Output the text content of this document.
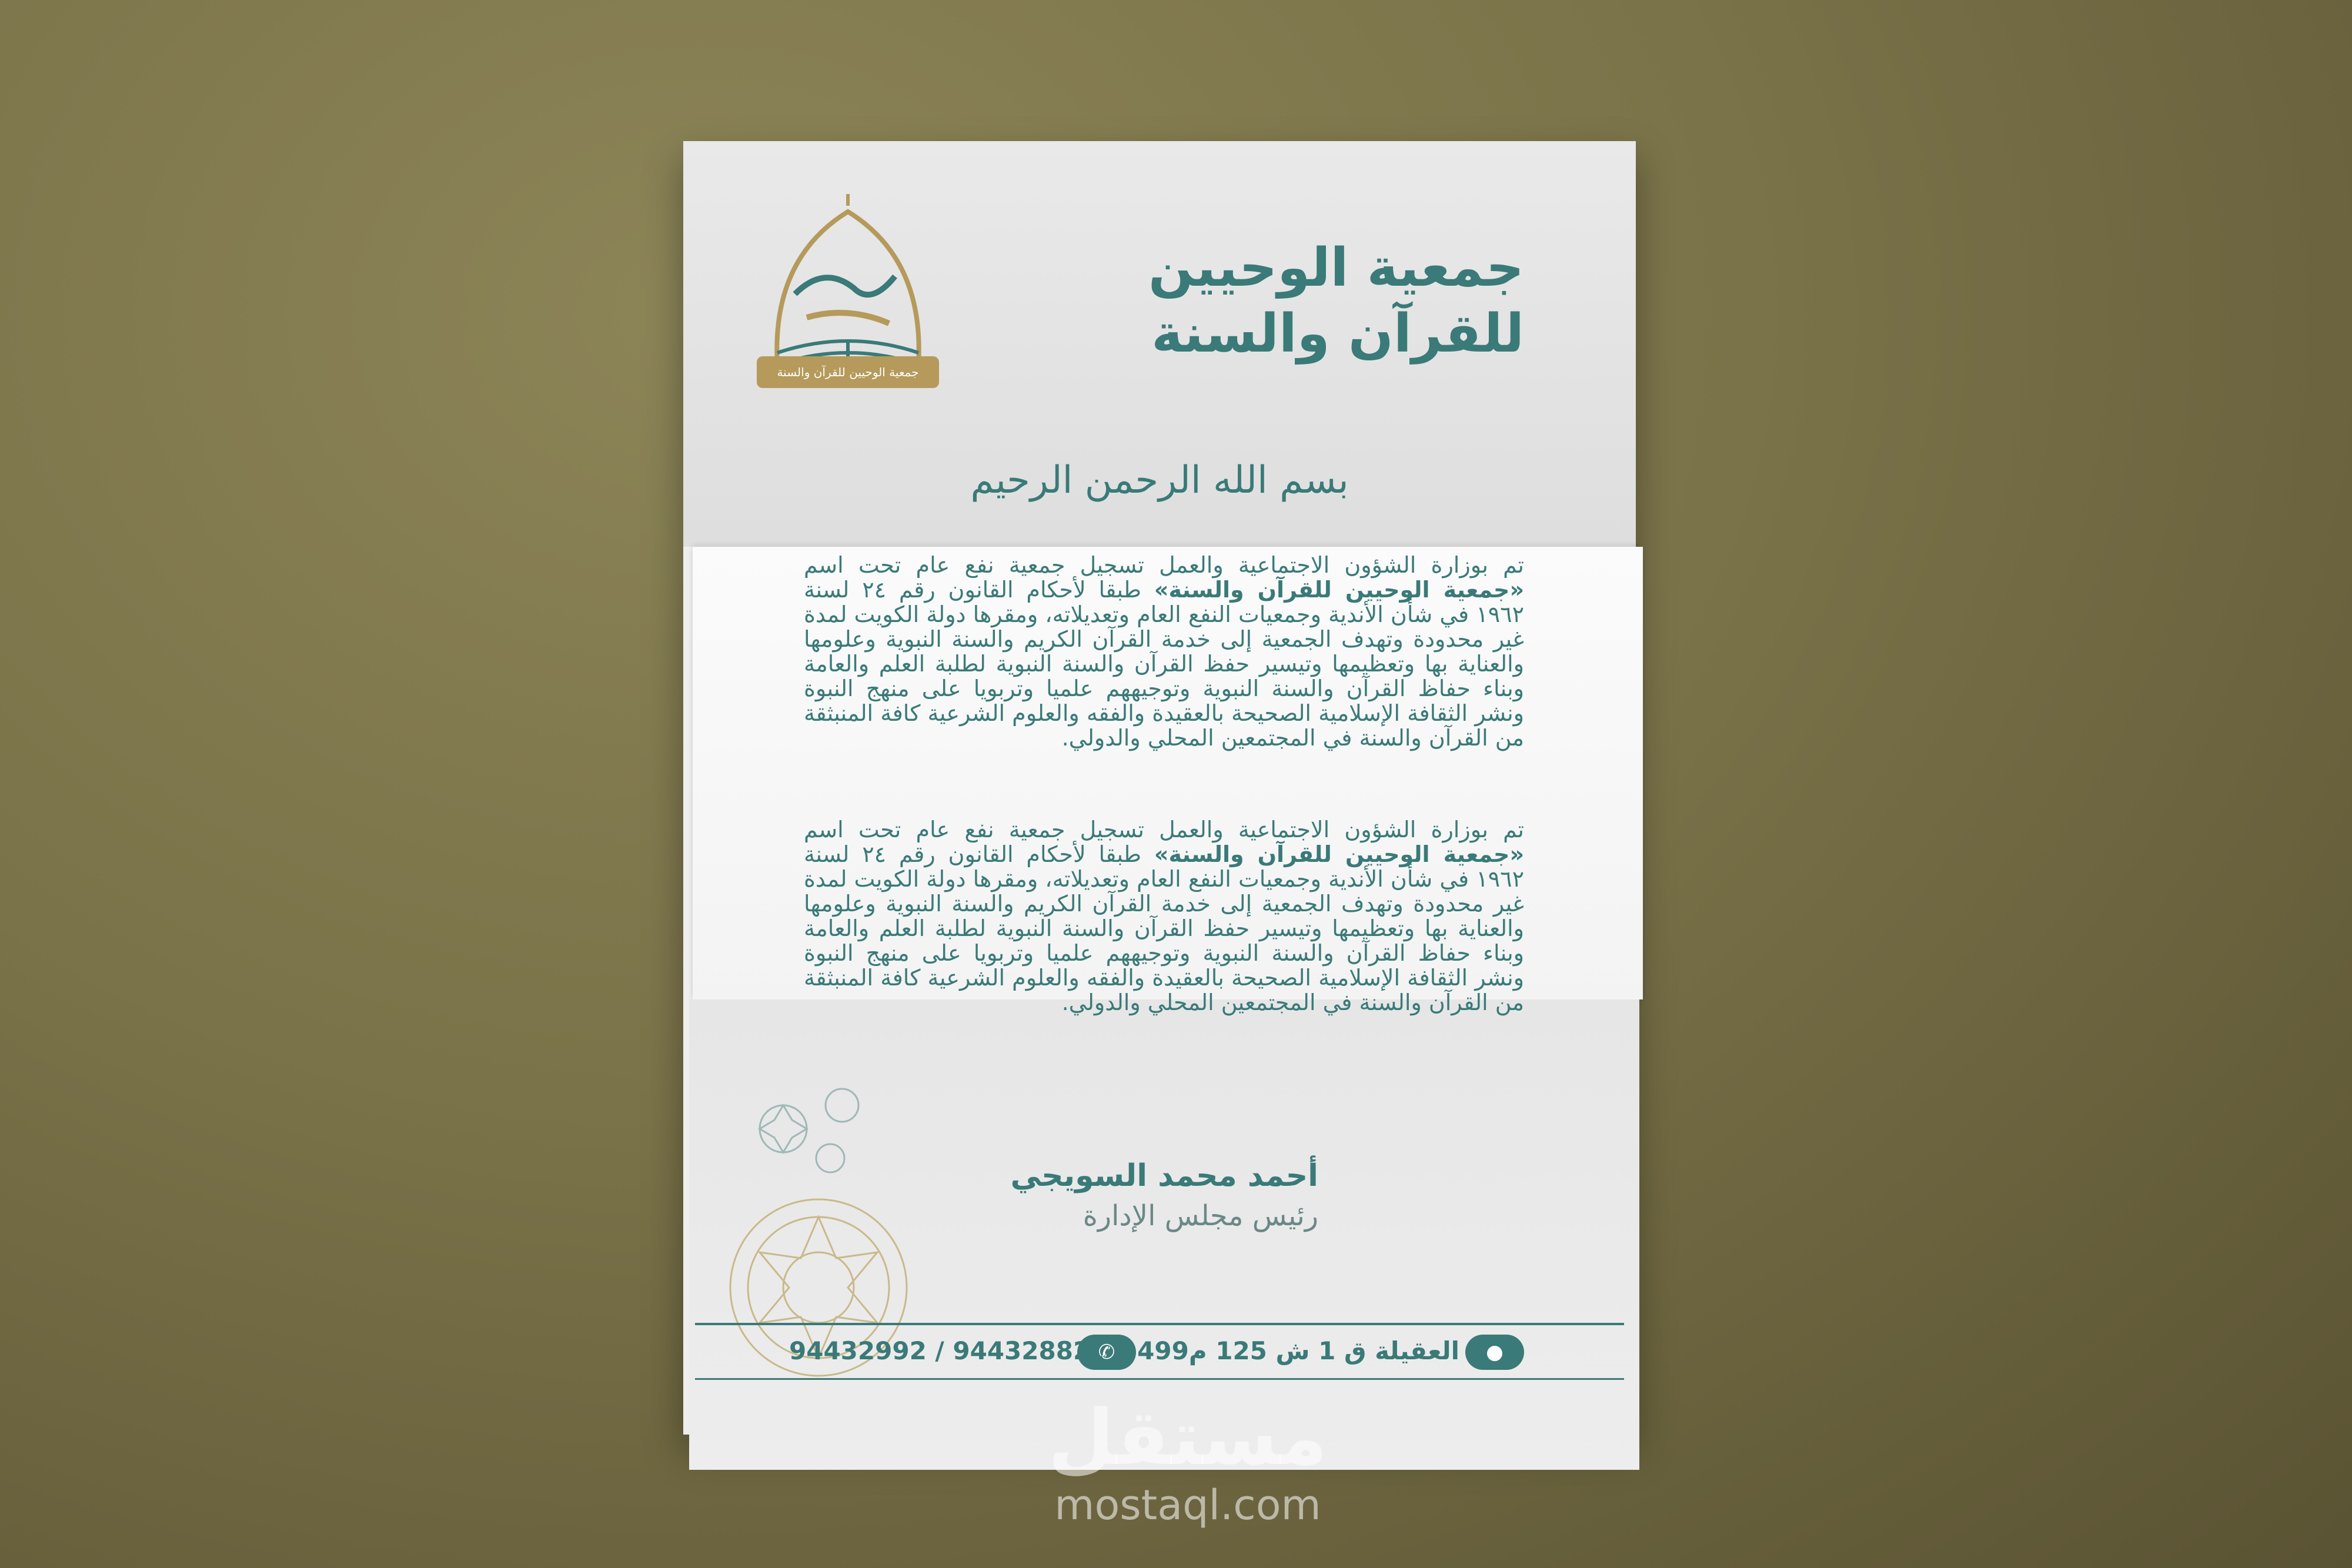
جمعية الوحيين
للقرآن والسنة
جمعية الوحيين للقرآن والسنة
بسم الله الرحمن الرحيم
تم بوزارة الشؤون الاجتماعية والعمل تسجيل جمعية نفع عام تحت اسم «جمعية الوحيين للقرآن والسنة» طبقا لأحكام القانون رقم ٢٤ لسنة ١٩٦٢ في شأن الأندية وجمعيات النفع العام وتعديلاته، ومقرها دولة الكويت لمدة غير محدودة وتهدف الجمعية إلى خدمة القرآن الكريم والسنة النبوية وعلومها والعناية بها وتعظيمها وتيسير حفظ القرآن والسنة النبوية لطلبة العلم والعامة وبناء حفاظ القرآن والسنة النبوية وتوجيههم علميا وتربويا على منهج النبوة ونشر الثقافة الإسلامية الصحيحة بالعقيدة والفقه والعلوم الشرعية كافة المنبثقة من القرآن والسنة في المجتمعين المحلي والدولي.
تم بوزارة الشؤون الاجتماعية والعمل تسجيل جمعية نفع عام تحت اسم «جمعية الوحيين للقرآن والسنة» طبقا لأحكام القانون رقم ٢٤ لسنة ١٩٦٢ في شأن الأندية وجمعيات النفع العام وتعديلاته، ومقرها دولة الكويت لمدة غير محدودة وتهدف الجمعية إلى خدمة القرآن الكريم والسنة النبوية وعلومها والعناية بها وتعظيمها وتيسير حفظ القرآن والسنة النبوية لطلبة العلم والعامة وبناء حفاظ القرآن والسنة النبوية وتوجيههم علميا وتربويا على منهج النبوة ونشر الثقافة الإسلامية الصحيحة بالعقيدة والفقه والعلوم الشرعية كافة المنبثقة من القرآن والسنة في المجتمعين المحلي والدولي.
أحمد محمد السويجي
رئيس مجلس الإدارة
●
العقيلة ق 1 ش 125 م499
✆
94432992 / 94432882
مستقل
mostaql.com
